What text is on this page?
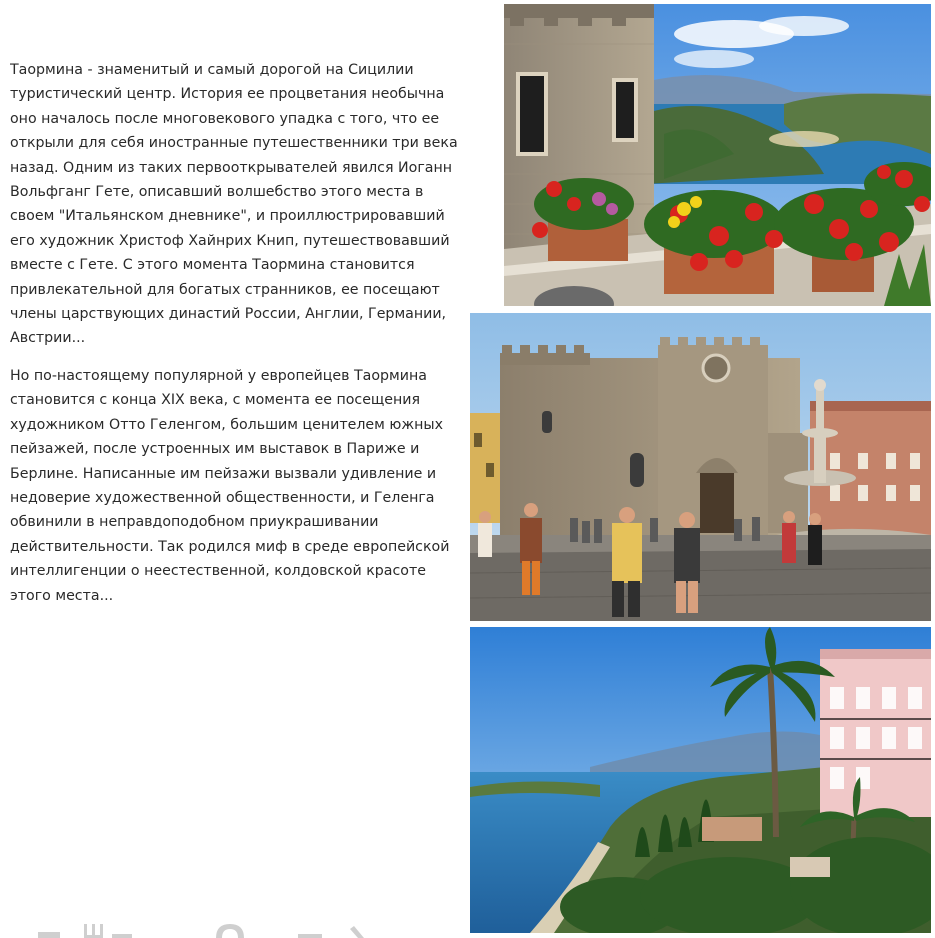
Таормина - знаменитый и самый дорогой на Сицилии
туристический центр. История ее процветания необычна
оно началось после многовекового упадка с того, что ее
открыли для себя иностранные путешественники три века
назад. Одним из таких первооткрывателей явился Иоганн
Вольфганг Гете, описавший волшебство этого места в
своем "Итальянском дневнике", и проиллюстрировавший
его художник Христоф Хайнрих Книп, путешествовавший
вместе с Гете. С этого момента Таормина становится
привлекательной для богатых странников, ее посещают
члены царствующих династий России, Англии, Германии,
Австрии...

Но по-настоящему популярной у европейцев Таормина
становится с конца XIX века, с момента ее посещения
художником Отто Геленгом, большим ценителем южных
пейзажей, после устроенных им выставок в Париже и
Берлине. Написанные им пейзажи вызвали удивление и
недоверие художественной общественности, и Геленга
обвинили в неправдоподобном приукрашивании
действительности. Так родился миф в среде европейской
интеллигенции о неестественной, колдовской красоте
этого места...
